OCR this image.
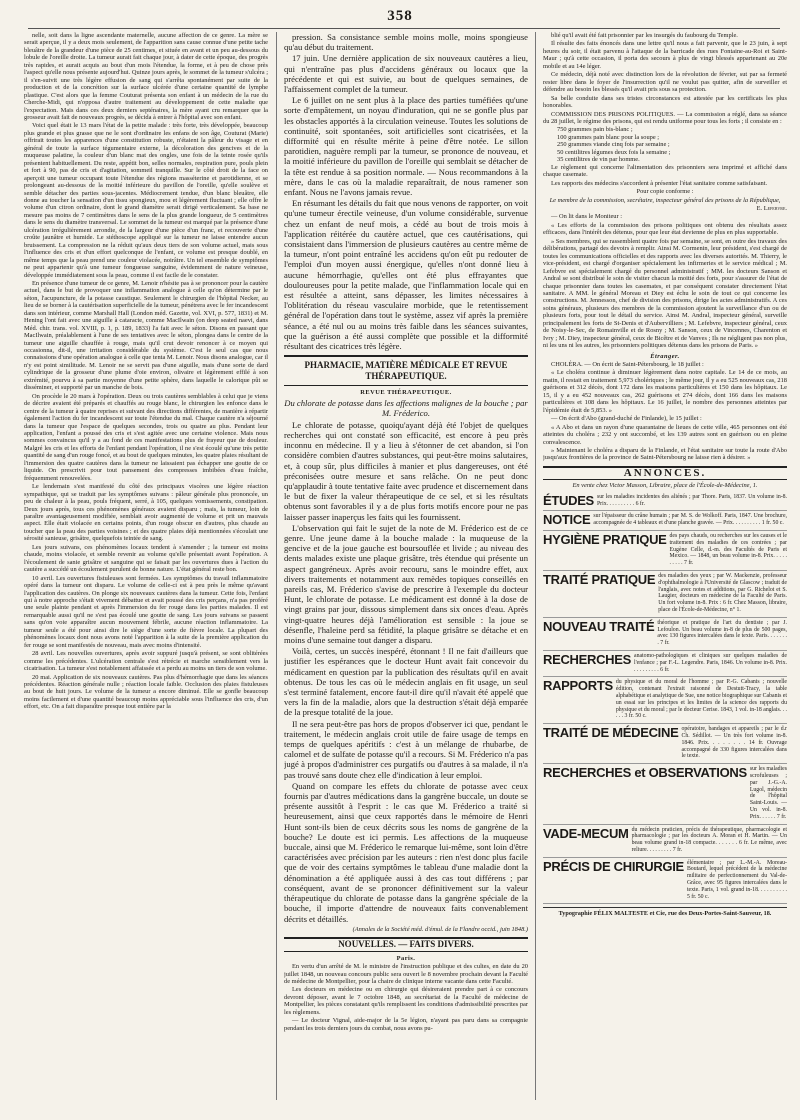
358

nelle, soit dans la ligne ascendante maternelle, aucune affection de ce genre. La mère se serait aperçue, il y a deux mois seulement, de l'apparition sans cause connue d'une petite tache bleuâtre de la grandeur d'une pièce de 25 centimes, et située en avant et un peu au-dessous du lobule de l'oreille droite. La tumeur aurait fait chaque jour, à dater de cette époque, des progrès très rapides, et aurait acquis au bout d'un mois l'étendue, la forme, et à peu de chose près l'aspect qu'elle nous présente aujourd'hui. Quinze jours après, le sommet de la tumeur s'ulcéra ; il s'en-suivit une très légère effusion de sang qui s'arrêta spontanément par suite de la production et de la concrétion sur la surface ulcérée d'une certaine quantité de lymphe plastique. C'est alors que la femme Couturat présenta son enfant à un médecin de la rue du Cherche-Midi, qui n'opposa d'autre traitement au développement de cette maladie que l'expectation. Mais dans ces deux derniers septénaires, la mère ayant cru remarquer que la grosseur avait fait de nouveaux progrès, se décida à entrer à l'hôpital avec son enfant.

Voici quel était le 13 mars l'état de la petite malade : très forte, très développée, beaucoup plus grande et plus grasse que ne le sont d'ordinaire les enfans de son âge, Couturat (Marie) offrirait toutes les apparences d'une constitution robuste, n'étaient la pâleur du visage et en général de toute la surface tégumentaire externe, la décoloration des gencives et de la muqueuse palatine, la couleur d'un blanc mat des ongles, une fois de la teinte rosée qu'ils présentent habituellement. Du reste, appétit bon, selles normales, respiration pure, pouls plein et fort à 90, pas de cris et d'agitation, sommeil tranquille. Sur le côté droit de la face on aperçoit une tumeur occupant toute l'étendue des régions masséterine et parotidienne, et se prolongeant au-dessous de la moitié inférieure du pavillon de l'oreille, qu'elle soulève et semble détacher des parties sous-jacentes. Médiocrement tendue, d'un blanc bleuâtre, elle donne au toucher la sensation d'un tissu spongieux, mou et légèrement fluctuant ; elle offre le volume d'un citron ordinaire, dont le grand diamètre serait dirigé verticalement. Sa base ne mesure pas moins de 7 centimètres dans le sens de la plus grande longueur, de 5 centimètres dans le sens du diamètre transversal. Le sommet de la tumeur est marqué par la présence d'une ulcération irrégulièrement arrondie, de la largeur d'une pièce d'un franc, et recouverte d'une croûte jaunâtre et humide. Le stéthoscope appliqué sur la tumeur ne laisse entendre aucun bruissement. La compression ne la réduit qu'aux deux tiers de son volume actuel, mais sous l'influence des cris et d'un effort quelconque de l'enfant, ce volume est presque doublé, en même temps que la peau prend une couleur violacée, noirâtre. Un tel ensemble de symptômes ne peut appartenir qu'à une tumeur fongueuse sanguine, évidemment de nature veineuse, développée immédiatement sous la peau, comme il est facile de le constater.

En présence d'une tumeur de ce genre, M. Lenoir n'hésite pas à se prononcer pour la cautère actuel, dans le but de provoquer une inflammation analogue à celle qu'on détermine par le séton, l'acupuncture, de la potasse caustique. Seulement le chirurgien de l'hôpital Necker, au lieu de se borner à la cautérisation superficielle de la tumeur, pénétrera avec le fer incandescent dans son intérieur, comme Marshall Hall (London méd. Gazette, vol. XVI, p. 577, 1831) et M. Hening l'ont fait avec une aiguille à cataracte, comme MacIlwain (on deep seated naevi, dans Méd. chir. trans. vol. XVIII, p. 1, p. 189, 1833) l'a fait avec le séton. Disons en passant que MacIlwain, préalablement à l'une de ses tentatives avec le séton, plongea dans le centre de la tumeur une aiguille chauffée à rouge, mais qu'il crut devoir renoncer à ce moyen qui occasionna, dit-il, une irritation considérable du système. C'est le seul cas que nous connaissions d'une opération analogue à celle que tenta M. Lenoir. Nous disons analogue, car il n'y est point similitude. M. Lenoir ne se servit pas d'une aiguille, mais d'une sorte de dard cylindrique de la grosseur d'une plume d'oie environ, olivaire et légèrement effilé à son extrémité, pourvu à sa partie moyenne d'une petite sphère, dans laquelle le calorique pût se disséminer, et supporté par un manche de bois.

On procède le 20 mars à l'opération. Deux ou trois cautères semblables à celui que je viens de décrire avaient été préparés et chauffés au rouge blanc, le chirurgien les enfonce dans le centre de la tumeur à quatre reprises et suivant des directions différentes, de manière à répartir également l'action du fer incandescent sur toute l'étendue du mal. Chaque cautère n'a séjourné dans la tumeur que l'espace de quelques secondes, trois ou quatre au plus. Pendant leur application, l'enfant a poussé des cris et s'est agitée avec une certaine violence. Mais nous sommes convaincus qu'il y a au fond de ces manifestations plus de frayeur que de douleur. Malgré les cris et les efforts de l'enfant pendant l'opération, il ne s'est écoulé qu'une très petite quantité de sang d'un rouge foncé, et au bout de quelques minutes, les quatre plaies résultant de l'immersion des quatre cautères dans la tumeur ne laissaient pas échapper une goutte de ce liquide. On prescrivit pour tout pansement des compresses imbibées d'eau fraîche, fréquemment renouvelées.

Le lendemain s'est manifesté du côté des principaux viscères une légère réaction sympathique, qui se traduit par les symptômes suivans : pâleur générale plus prononcée, un peu de chaleur à la peau, pouls fréquent, serré, à 105, quelques vomissements, constipation. Deux jours après, tous ces phénomènes généraux avaient disparu ; mais, la tumeur, loin de paraître avantageusement modifiée, semblait avoir augmenté de volume et prit un mauvais aspect. Elle était violacée en certains points, d'un rouge obscur en d'autres, plus chaude au toucher que la peau des parties voisines ; et des quatre plaies déjà mentionnées s'écoulait une sérosité sanieuse, grisâtre, quelquefois teintée de sang.

Les jours suivans, ces phénomènes locaux tendent à s'amender ; la tumeur est moins chaude, moins violacée, et semble revenir au volume qu'elle présentait avant l'opération. A l'écoulement de sanie grisâtre et sanguine qui se faisait par les ouvertures dues à l'action du cautère a succédé un écoulement purulent de bonne nature. L'état général reste bon.

10 avril. Les ouvertures fistuleuses sont fermées. Les symptômes du travail inflammatoire opéré dans la tumeur ont disparu. Le volume de celle-ci est à peu près le même qu'avant l'application des cautères. On plonge six nouveaux cautères dans la tumeur. Cette fois, l'enfant qui à notre approche s'était vivement débattue et avait poussé des cris perçans, n'a pas proféré une seule plainte pendant et après l'immersion du fer rouge dans les parties malades. Il est remarquable aussi qu'il ne s'est pas écoulé une goutte de sang. Les jours suivans se passent sans qu'on voie apparaître aucun mouvement fébrile, aucune réaction inflammatoire. La tumeur seule a été pour ainsi dire le siège d'une sorte de fièvre locale. La plupart des phénomènes locaux dont nous avons noté l'apparition à la suite de la première application du fer rouge se sont manifestés de nouveau, mais avec moins d'intensité.

28 avril. Les nouvelles ouvertures, après avoir suppuré jusqu'à présent, se sont oblitérées comme les précédentes. L'ulcération centrale s'est rétrécie et marche sensiblement vers la cicatrisation. La tumeur s'est notablement affaissée et a perdu au moins un tiers de son volume.

20 mai. Application de six nouveaux cautères. Pas plus d'hémorrhagie que dans les séances précédentes. Réaction générale nulle ; réaction locale faible. Occlusion des plaies fistuleuses au bout de huit jours. Le volume de la tumeur a encore diminué. Elle se gonfle beaucoup moins facilement et d'une quantité beaucoup moins appréciable sous l'influence des cris, d'un effort, etc. On a fait disparaître presque tout entière par la

pression. Sa consistance semble moins molle, moins spongieuse qu'au début du traitement.

17 juin. Une dernière application de six nouveaux cautères a lieu, qui n'entraîne pas plus d'accidens généraux ou locaux que la précédente et qui est suivie, au bout de quelques semaines, de l'affaissement complet de la tumeur.

Le 6 juillet on ne sent plus à la place des parties tuméfiées qu'une sorte d'empâtement, un noyau d'induration, qui ne se gonfle plus par les obstacles apportés à la circulation veineuse. Toutes les solutions de continuité, soit spontanées, soit artificielles sont cicatrisées, et la difformité qui en résulte mérite à peine d'être notée. Le sillon parotidien, naguère rempli par la tumeur, se prononce de nouveau, et la moitié inférieure du pavillon de l'oreille qui semblait se détacher de la tête est rendue à sa position normale. — Nous recommandons à la mère, dans le cas où la maladie reparaîtrait, de nous ramener son enfant. Nous ne l'avons jamais revue.

En résumant les détails du fait que nous venons de rapporter, on voit qu'une tumeur érectile veineuse, d'un volume considérable, survenue chez un enfant de neuf mois, a cédé au bout de trois mois à l'application réitérée du cautère actuel, que ces cautérisations, qui consistaient dans l'immersion de plusieurs cautères au centre même de la tumeur, n'ont point entraîné les accidens qu'on eût pu redouter de l'emploi d'un moyen aussi énergique, qu'elles n'ont donné lieu à aucune hémorrhagie, qu'elles ont été plus effrayantes que douloureuses pour la petite malade, que l'inflammation locale qui en est résultée a atteint, sans dépasser, les limites nécessaires à l'oblitération du réseau vasculaire morbide, que le retentissement général de l'opération dans tout le système, assez vif après la première séance, a été nul ou au moins très faible dans les séances suivantes, que la guérison a été aussi complète que possible et la difformité résultant des cicatrices très légère.

PHARMACIE, MATIÈRE MÉDICALE ET REVUE THÉRAPEUTIQUE.
REVUE THÉRAPEUTIQUE.
Du chlorate de potasse dans les affections malignes de la bouche ; par M. Fréderico.

Le chlorate de potasse, quoiqu'ayant déjà été l'objet de quelques recherches qui ont constaté son efficacité, est encore à peu près inconnu en médecine. Il y a lieu à s'étonner de cet abandon, si l'on considère combien d'autres substances, qui peut-être moins salutaires, et, à coup sûr, plus difficiles à manier et plus dangereuses, ont été préconisées outre mesure et sans relâche. On ne peut donc qu'applaudir à toute tentative faite avec prudence et discernement dans le but de fixer la valeur thérapeutique de ce sel, et si les résultats obtenus sont favorables il y a de plus forts motifs encore pour ne pas laisser passer inaperçus les faits qui les fournissent.

L'observation qui fait le sujet de la note de M. Fréderico est de ce genre. Une jeune dame à la bouche malade : la muqueuse de la gencive et de la joue gauche est boursouflée et livide ; au niveau des dents malades existe une plaque grisâtre, très étendue qui présente un aspect gangréneux. Après avoir recouru, sans le moindre effet, aux divers traitements et notamment aux remèdes topiques conseillés en pareils cas, M. Fréderico s'avise de prescrire à l'exemple du docteur Hunt, le chlorate de potasse. Le médicament est donné à la dose de vingt grains par jour, dissous simplement dans six onces d'eau. Après vingt-quatre heures déjà l'amélioration est sensible : la joue se désenfle, l'haleine perd sa fétidité, la plaque grisâtre se détache et en moins d'une semaine tout danger a disparu.

Voilà, certes, un succès inespéré, étonnant ! Il ne fait d'ailleurs que justifier les espérances que le docteur Hunt avait fait concevoir du médicament en question par la publication des résultats qu'il en avait obtenus. De tous les cas où le médecin anglais en fit usage, un seul s'est terminé fatalement, encore faut-il dire qu'il n'avait été appelé que vers la fin de la maladie, alors que la destruction s'était déjà emparée de la presque totalité de la joue.

Il ne sera peut-être pas hors de propos d'observer ici que, pendant le traitement, le médecin anglais croit utile de faire usage de temps en temps de quelques apéritifs : c'est à un mélange de rhubarbe, de calomel et de sulfate de potasse qu'il a recours. Si M. Fréderico n'a pas jugé à propos d'administrer ces purgatifs ou d'autres à sa malade, il n'a pas trouvé sans doute chez elle d'indication à leur emploi.

Quand on compare les effets du chlorate de potasse avec ceux fournis par d'autres médications dans la gangrène buccale, un doute se présente aussitôt à l'esprit : le cas que M. Fréderico a traité si heureusement, ainsi que ceux rapportés dans le mémoire de Henri Hunt sont-ils bien de ceux décrits sous les noms de gangrène de la bouche? Le doute est ici permis. Les affections de la muqueuse buccale, ainsi que M. Fréderico le remarque lui-même, sont loin d'être caractérisées avec précision par les auteurs : rien n'est donc plus facile que de voir des certains symptômes le tableau d'une maladie dont la dénomination a été appliquée aussi à des cas tout différens ; par conséquent, avant de se prononcer définitivement sur la valeur thérapeutique du chlorate de potasse dans la gangrène spéciale de la bouche, il importe d'attendre de nouveaux faits convenablement décrits et détaillés.

(Annales de la Société méd. d'émul. de la Flandre occid., juin 1848.)
NOUVELLES. — FAITS DIVERS.
Paris.

En vertu d'un arrêté de M. le ministre de l'instruction publique et des cultes, en date du 20 juillet 1848, un nouveau concours public sera ouvert le 8 novembre prochain devant la Faculté de médecine de Montpellier, pour la chaire de clinique interne vacante dans cette Faculté.

Les docteurs en médecine ou en chirurgie qui désireraient prendre part à ce concours devront déposer, avant le 7 octobre 1848, au secrétariat de la Faculté de médecine de Montpellier, les pièces constatant qu'ils remplissent les conditions d'admissibilité prescrites par les règlemens.

— Le docteur Vignal, aide-major de la 5e légion, n'ayant pas paru dans sa compagnie pendant les trois derniers jours du combat, nous avons pu-

blié qu'il avait été fait prisonnier par les insurgés du faubourg du Temple.

Il résulte des faits énoncés dans une lettre qu'il nous a fait parvenir, que le 23 juin, à sept heures du soir, il était parvenu à l'attaque de la barricade des rues Fontaine-au-Roi et Saint-Maur ; qu'à cette occasion, il porta des secours à plus de vingt blessés appartenant au 20e mobile et au 14e léger.

Ce médecin, déjà noté avec distinction lors de la révolution de février, sut par sa fermeté rester libre dans le foyer de l'insurrection qu'il ne voulut pas quitter, afin de surveiller et défendre au besoin les blessés qu'il avait pris sous sa protection.

Sa belle conduite dans ses tristes circonstances est attestée par les certificats les plus honorables.

COMMISSION DES PRISONS POLITIQUES. — La commission a réglé, dans sa séance du 28 juillet, le régime des prisons, qui est rendu uniforme pour tous les forts ; il consiste en :

750 grammes pain bis-blanc ;
100 grammes pain blanc pour la soupe ;
250 grammes viande cinq fois par semaine ;
50 centilitres légumes deux fois la semaine ;
35 centilitres de vin par homme.

Le règlement qui concerne l'alimentation des prisonniers sera imprimé et affiché dans chaque casemate.

Les rapports des médecins s'accordent à présenter l'état sanitaire comme satisfaisant.

Pour copie conforme :

Le membre de la commission, secrétaire, inspecteur général des prisons de la République,

E. Lefebvre.

— On lit dans le Moniteur :

« Les efforts de la commission des prisons politiques ont obtenu des résultats assez efficaces, dans l'intérêt des détenus, pour que leur état devienne de plus en plus supportable.

» Ses membres, qui se rassemblent quatre fois par semaine, se sont, en outre des travaux des délibérations, partagé des devoirs à remplir. Ainsi M. Cormenin, leur président, s'est chargé de toutes les communications officielles et des rapports avec les diverses autorités. M. Thierry, le vice-président, est chargé d'organiser spécialement les infirmeries et le service médical ; M. Lefebvre est spécialement chargé du personnel administratif ; MM. les docteurs Sanson et Andral se sont distribué le soin de visiter chacun la moitié des forts, pour s'assurer de l'état de chaque prisonnier dans toutes les casemates, et par conséquent constater directement l'état sanitaire. A MM. le général Moreau et Diey est échu le soin de tout ce qui concerne les constructions. M. Jennesson, chef de division des prisons, dirige les actes administratifs. A ces soins généraux, plusieurs des membres de la commission ajoutent la surveillance d'un ou de plusieurs forts, pour tout le détail du service. Ainsi M. Andral, inspecteur général, surveille principalement les forts de St-Denis et d'Aubervilliers ; M. Lefebvre, inspecteur général, ceux de Noisy-le-Sec, de Romainville et de Rosny ; M. Sanson, ceux de Vincennes, Charenton et Ivry ; M. Diey, inspecteur général, ceux de Bicêtre et de Vanves ; Ils ne négligent pas non plus, ni les uns ni les autres, les prisonniers politiques détenus dans les prisons de Paris. »

Étranger.

CHOLÉRA. — On écrit de Saint-Pétersbourg, le 18 juillet :

« Le choléra continue à diminuer légèrement dans notre capitale. Le 14 de ce mois, au matin, il restait en traitement 5,973 cholériques ; le même jour, il y a eu 525 nouveaux cas, 218 guérisons et 312 décès, dont 172 dans les maisons particulières et 150 dans les hôpitaux. Le 15, il y a eu 452 nouveaux cas, 262 guérisons et 274 décès, dont 166 dans les maisons particulières et 108 dans les hôpitaux. Le 16 juillet, le nombre des personnes atteintes par l'épidémie était de 5,853. »

— On écrit d'Abo (grand-duché de Finlande), le 15 juillet :

« A Abo et dans un rayon d'une quarantaine de lieues de cette ville, 465 personnes ont été atteintes du choléra ; 232 y ont succombé, et les 139 autres sont en guérison ou en pleine convalescence.

» Maintenant le choléra a disparu de la Finlande, et l'état sanitaire sur toute la route d'Abo jusqu'aux frontières de la province de Saint-Pétersbourg ne laisse rien à désirer. »

ANNONCES.
En vente chez Victor Masson, Libraire, place de l'École-de-Médecine, 1.
ÉTUDES sur les maladies incidentes des aliénés ; par Thore. Paris, 1837. Un volume in-8. Prix. . . . . . . . . . 6 fr.
NOTICE sur l'épaisseur du crâne humain ; par M. S. de Wolkoff. Paris, 1847. Une brochure, accompagnée de 4 tableaux et d'une planche gravée. — Prix. . . . . . . . . . 1 fr. 50 c.
HYGIÈNE PRATIQUE des pays chauds, ou recherches sur les causes et le traitement des maladies de ces contrées ; par Eugène Celle, d.-m. des Facultés de Paris et Mexico. — 1848, un beau volume in-8. Prix. . . . . . . . . . 7 fr.
TRAITÉ PRATIQUE des maladies des yeux ; par W. Mackenzie, professeur d'ophthalmologie à l'Université de Glascow ; traduit de l'anglais, avec notes et additions, par G. Richelot et S. Laugier, docteurs en médecine de la Faculté de Paris. Un fort volume in-8. Prix : 6 fr. Chez Masson, libraire, place de l'École-de-Médecine, n° 1.
NOUVEAU TRAITÉ théorique et pratique de l'art du dentiste ; par J. Lefoulon. Un beau volume in-8 de plus de 500 pages, avec 130 figures intercalées dans le texte. Paris. . . . . . . . 7 fr.
RECHERCHES anatomo-pathologiques et cliniques sur quelques maladies de l'enfance ; par F.-L. Legendre. Paris, 1846. Un volume in-8. Prix. . . . . . . . . . 6 fr.
RAPPORTS du physique et du moral de l'homme ; par P.-G. Cabanis ; nouvelle édition, contenant l'extrait raisonné de Destutt-Tracy, la table alphabétique et analytique de Sue, une notice biographique sur Cabanis et un essai sur les principes et les limites de la science des rapports du physique et du moral ; par le docteur Cerise. 1843, 1 vol. in-18 anglais. . . . . . 3 fr. 50 c.
TRAITÉ DE MÉDECINE opératoire, bandages et appareils ; par le d.r Ch. Sédillot. — Un très fort volume in-8. 1846. Prix. . . . . . . . 14 fr. Ouvrage accompagné de 330 figures intercalées dans le texte.
RECHERCHES et OBSERVATIONS sur les maladies scrofuleuses ; par J.-G.-A. Lugol, médecin de l'hôpital Saint-Louis. — Un vol. in-8. Prix. . . . . . 7 fr.
VADE-MECUM du médecin praticien, précis de thérapeutique, pharmacologie et pharmacologie ; par les docteurs A. Moran et H. Martin. — Un beau volume grand in-18 compacte. . . . . . . 6 fr. Le même, avec reliure. . . . . . . . . 7 fr.
PRÉCIS DE CHIRURGIE élémentaire ; par L.-M.-A. Moreau-Boutard, lequel précédent de la médecine militaire de perfectionnement du Val-de-Grâce, avec 95 figures intercalées dans le texte. Paris, 1 vol. grand in-18. . . . . . . . . . 5 fr. 50 c.
Typographie FÉLIX MALTESTE et Cie, rue des Deux-Portes-Saint-Sauveur, 18.
